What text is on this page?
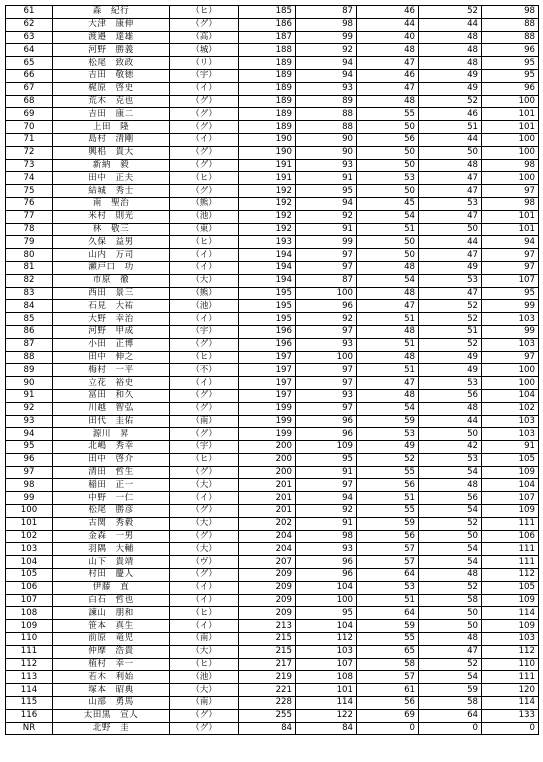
61	森　紀行	（ヒ）	185	87	46	52	98
62	大津　康伸	（グ）	186	98	44	44	88
63	渡邉　達雄	（高）	187	99	40	48	88
64	河野　勝義	（城）	188	92	48	48	96
65	松尾　致政	（リ）	189	94	47	48	95
66	吉田　敬徳	（宇）	189	94	46	49	95
67	梶原　啓史	（イ）	189	93	47	49	96
68	荒木　克也	（グ）	189	89	48	52	100
69	吉田　康二	（グ）	189	88	55	46	101
70	上田　隆	（グ）	189	88	50	51	101
71	島村　清剛	（イ）	190	90	56	44	100
72	興梠　貴大	（グ）	190	90	50	50	100
73	新納　毅	（グ）	191	93	50	48	98
74	田中　正夫	（ヒ）	191	91	53	47	100
75	結城　秀士	（グ）	192	95	50	47	97
76	南　聖治	（熊）	192	94	45	53	98
77	米村　則光	（池）	192	92	54	47	101
78	林　敬三	（東）	192	91	51	50	101
79	久保　益男	（ヒ）	193	99	50	44	94
80	山内　万司	（イ）	194	97	50	47	97
81	瀬戸口　功	（イ）	194	97	48	49	97
82	市原　徹	（大）	194	87	54	53	107
83	西田　景三	（熊）	195	100	48	47	95
84	石見　大祐	（池）	195	96	47	52	99
85	大野　幸治	（イ）	195	92	51	52	103
86	河野　甲成	（宇）	196	97	48	51	99
87	小田　正博	（グ）	196	93	51	52	103
88	田中　伸之	（ヒ）	197	100	48	49	97
89	梅村　一平	（不）	197	97	51	49	100
90	立花　裕史	（イ）	197	97	47	53	100
91	冨田　和久	（グ）	197	93	48	56	104
92	川越　智弘	（グ）	199	97	54	48	102
93	田代　圭佑	（南）	199	96	59	44	103
94	源川　昇	（グ）	199	96	53	50	103
95	北嶋　秀幸	（宇）	200	109	49	42	91
96	田中　啓介	（ヒ）	200	95	52	53	105
97	清田　哲生	（グ）	200	91	55	54	109
98	稲田　正一	（大）	201	97	56	48	104
99	中野　一仁	（イ）	201	94	51	56	107
100	松尾　勝彦	（グ）	201	92	55	54	109
101	古関　秀毅	（大）	202	91	59	52	111
102	金森　一男	（グ）	204	98	56	50	106
103	羽隅　大輔	（大）	204	93	57	54	111
104	山下　貴靖	（ヴ）	207	96	57	54	111
105	村田　慶人	（グ）	209	96	64	48	112
106	伊藤　直	（イ）	209	104	53	52	105
107	白石　哲也	（イ）	209	100	51	58	109
108	諫山　朋和	（ヒ）	209	95	64	50	114
109	笹本　真生	（イ）	213	104	59	50	109
110	前原　竜児	（南）	215	112	55	48	103
111	仲摩　浩貴	（大）	215	103	65	47	112
112	植村　幸一	（ヒ）	217	107	58	52	110
113	若木　利始	（池）	219	108	57	54	111
114	塚本　昭典	（大）	221	101	61	59	120
115	山部　勇馬	（南）	228	114	56	58	114
116	太田黒　宣人	（グ）	255	122	69	64	133
NR	北野　圭	（グ）	84	84	0	0	0
